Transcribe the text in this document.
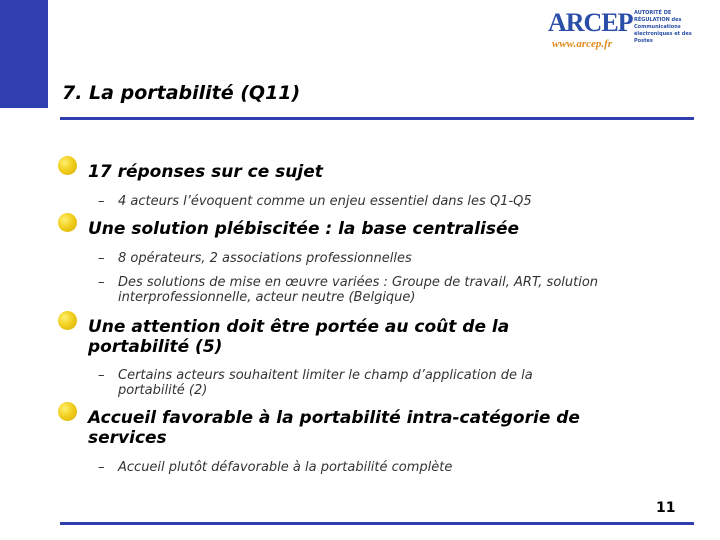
ARCEP
www.arcep.fr
AUTORITÉ DE RÉGULATION des Communications électroniques et des Postes
7. La portabilité (Q11)
17 réponses sur ce sujet
– 4 acteurs l’évoquent comme un enjeu essentiel dans les Q1-Q5
Une solution plébiscitée : la base centralisée
– 8 opérateurs, 2 associations professionnelles
– Des solutions de mise en œuvre variées : Groupe de travail, ART, solution interprofessionnelle, acteur neutre (Belgique)
Une attention doit être portée au coût de la portabilité (5)
– Certains acteurs souhaitent limiter le champ d’application de la portabilité (2)
Accueil favorable à la portabilité intra-catégorie de services
– Accueil plutôt défavorable à la portabilité complète
11
